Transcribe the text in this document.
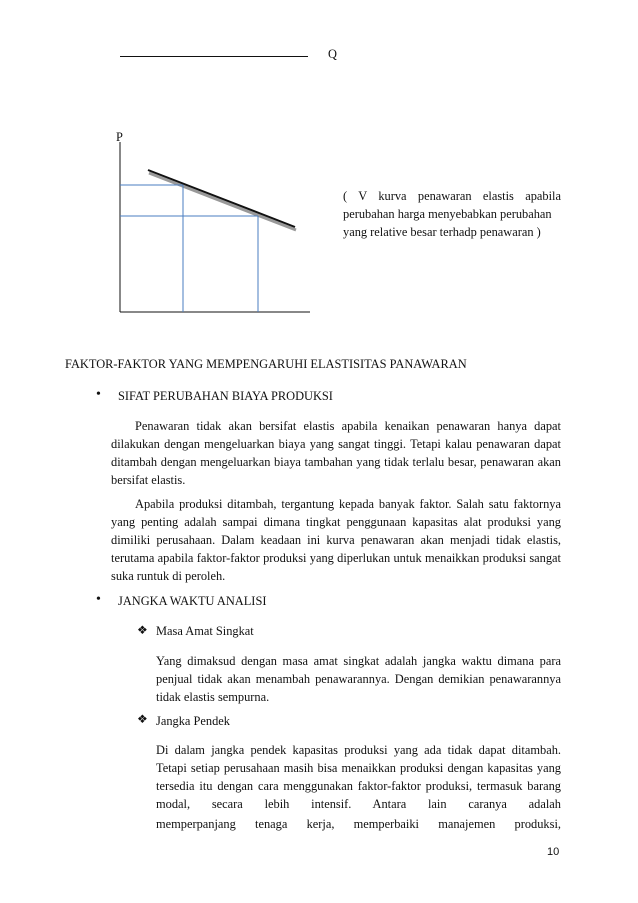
Q
P
( V kurva penawaran elastis apabila
perubahan harga menyebabkan perubahan
yang relative besar terhadp penawaran )
FAKTOR-FAKTOR YANG MEMPENGARUHI ELASTISITAS PANAWARAN
• SIFAT PERUBAHAN BIAYA PRODUKSI

Penawaran tidak akan bersifat elastis apabila kenaikan penawaran hanya dapat dilakukan dengan mengeluarkan biaya yang sangat tinggi. Tetapi kalau penawaran dapat ditambah dengan mengeluarkan biaya tambahan yang tidak terlalu besar, penawaran akan bersifat elastis.

Apabila produksi ditambah, tergantung kepada banyak faktor. Salah satu faktornya yang penting adalah sampai dimana tingkat penggunaan kapasitas alat produksi yang dimiliki perusahaan. Dalam keadaan ini kurva penawaran akan menjadi tidak elastis, terutama apabila faktor-faktor produksi yang diperlukan untuk menaikkan produksi sangat suka runtuk di peroleh.

• JANGKA WAKTU ANALISI
❖ Masa Amat Singkat

Yang dimaksud dengan masa amat singkat adalah jangka waktu dimana para penjual tidak akan menambah penawarannya. Dengan demikian penawarannya tidak elastis sempurna.

❖ Jangka Pendek

Di dalam jangka pendek kapasitas produksi yang ada tidak dapat ditambah. Tetapi setiap perusahaan masih bisa menaikkan produksi dengan kapasitas yang tersedia itu dengan cara menggunakan faktor-faktor produksi, termasuk barang modal, secara lebih intensif. Antara lain caranya adalah

memperpanjang tenaga kerja, memperbaiki manajemen produksi,
10
